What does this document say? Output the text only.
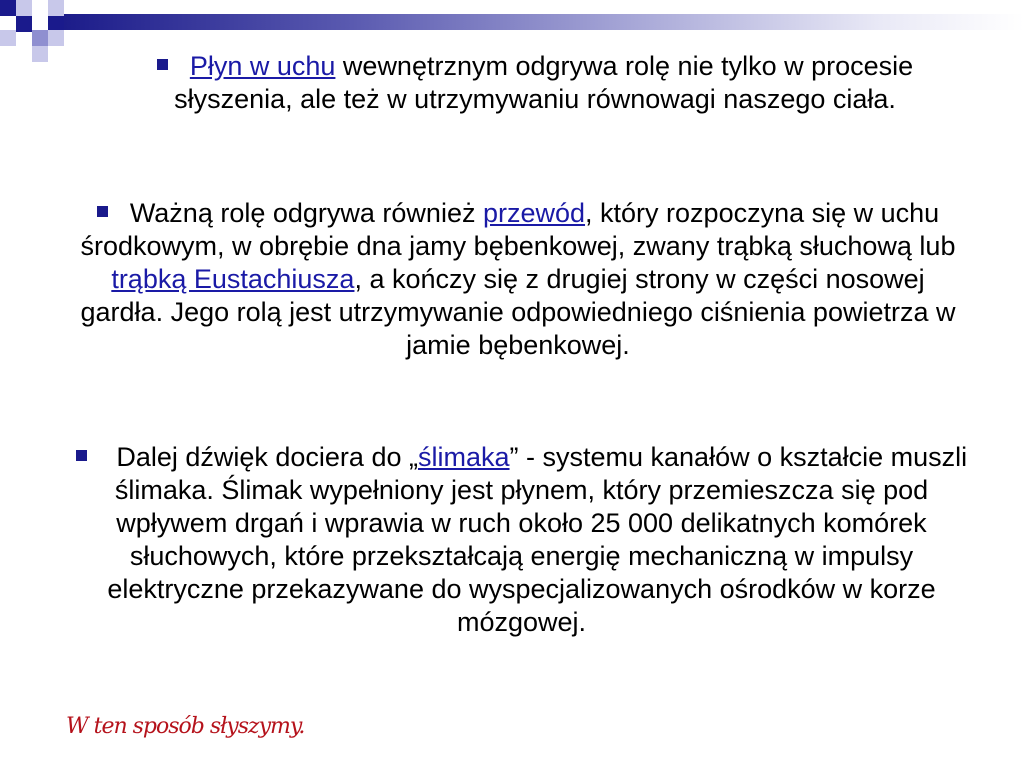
Płyn w uchu wewnętrznym odgrywa rolę nie tylko w procesie słyszenia, ale też w utrzymywaniu równowagi naszego ciała.
Ważną rolę odgrywa również przewód, który rozpoczyna się w uchu środkowym, w obrębie dna jamy bębenkowej, zwany trąbką słuchową lub trąbką Eustachiusza, a kończy się z drugiej strony w części nosowej gardła. Jego rolą jest utrzymywanie odpowiedniego ciśnienia powietrza w jamie bębenkowej.
Dalej dźwięk dociera do „ślimaka” - systemu kanałów o kształcie muszli ślimaka. Ślimak wypełniony jest płynem, który przemieszcza się pod wpływem drgań i wprawia w ruch około 25 000 delikatnych komórek słuchowych, które przekształcają energię mechaniczną w impulsy elektryczne przekazywane do wyspecjalizowanych ośrodków w korze mózgowej.
W ten sposób słyszymy.
